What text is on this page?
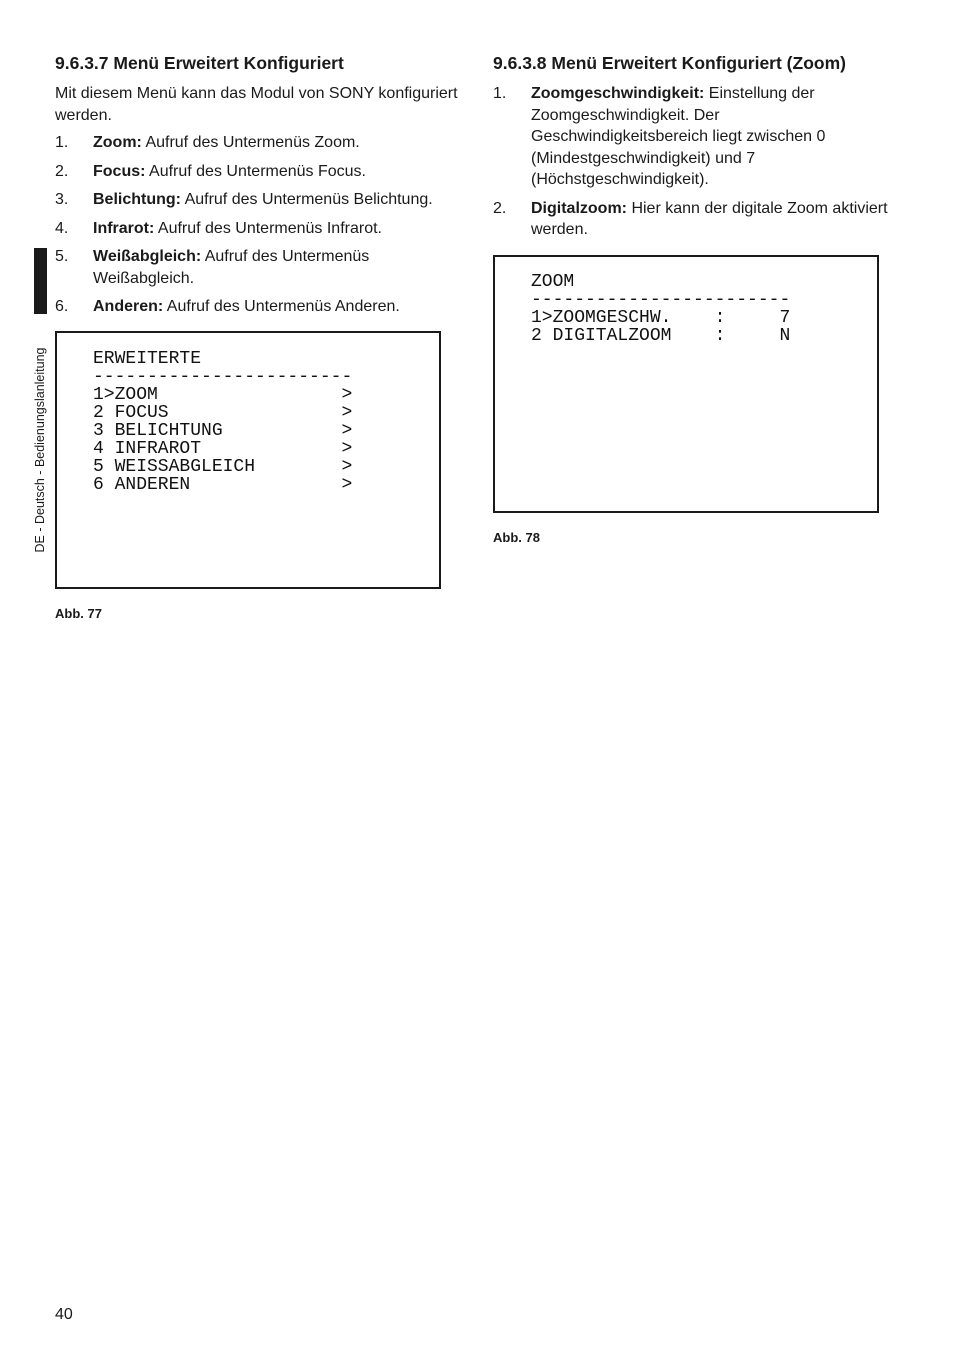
DE - Deutsch - Bedienungslanleitung
9.6.3.7 Menü Erweitert Konfiguriert

Mit diesem Menü kann das Modul von SONY konfiguriert werden.

1. Zoom: Aufruf des Untermenüs Zoom.
2. Focus: Aufruf des Untermenüs Focus.
3. Belichtung: Aufruf des Untermenüs Belichtung.
4. Infrarot: Aufruf des Untermenüs Infrarot.
5. Weißabgleich: Aufruf des Untermenüs Weißabgleich.
6. Anderen: Aufruf des Untermenüs Anderen.
ERWEITERTE
------------------------
1>ZOOM                 >
2 FOCUS                >
3 BELICHTUNG           >
4 INFRAROT             >
5 WEISSABGLEICH        >
6 ANDEREN              >
Abb. 77
9.6.3.8 Menü Erweitert Konfiguriert (Zoom)
1. Zoomgeschwindigkeit: Einstellung der Zoomgeschwindigkeit. Der Geschwindigkeitsbereich liegt zwischen 0 (Mindestgeschwindigkeit) und 7 (Höchstgeschwindigkeit).
2. Digitalzoom: Hier kann der digitale Zoom aktiviert werden.
ZOOM
------------------------
1>ZOOMGESCHW.    :     7
2 DIGITALZOOM    :     N
Abb. 78
40
